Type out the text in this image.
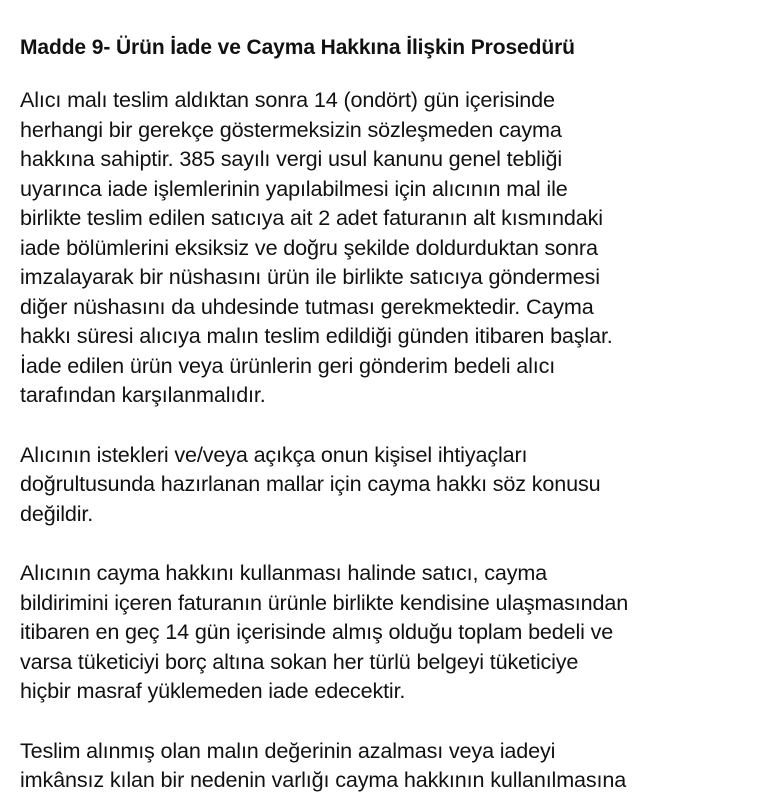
Madde 9- Ürün İade ve Cayma Hakkına İlişkin Prosedürü

Alıcı malı teslim aldıktan sonra 14 (ondört) gün içerisinde
herhangi bir gerekçe göstermeksizin sözleşmeden cayma
hakkına sahiptir. 385 sayılı vergi usul kanunu genel tebliği
uyarınca iade işlemlerinin yapılabilmesi için alıcının mal ile
birlikte teslim edilen satıcıya ait 2 adet faturanın alt kısmındaki
iade bölümlerini eksiksiz ve doğru şekilde doldurduktan sonra
imzalayarak bir nüshasını ürün ile birlikte satıcıya göndermesi
diğer nüshasını da uhdesinde tutması gerekmektedir. Cayma
hakkı süresi alıcıya malın teslim edildiği günden itibaren başlar.
İade edilen ürün veya ürünlerin geri gönderim bedeli alıcı
tarafından karşılanmalıdır.

Alıcının istekleri ve/veya açıkça onun kişisel ihtiyaçları
doğrultusunda hazırlanan mallar için cayma hakkı söz konusu
değildir.

Alıcının cayma hakkını kullanması halinde satıcı, cayma
bildirimini içeren faturanın ürünle birlikte kendisine ulaşmasından
itibaren en geç 14 gün içerisinde almış olduğu toplam bedeli ve
varsa tüketiciyi borç altına sokan her türlü belgeyi tüketiciye
hiçbir masraf yüklemeden iade edecektir.

Teslim alınmış olan malın değerinin azalması veya iadeyi
imkânsız kılan bir nedenin varlığı cayma hakkının kullanılmasına
